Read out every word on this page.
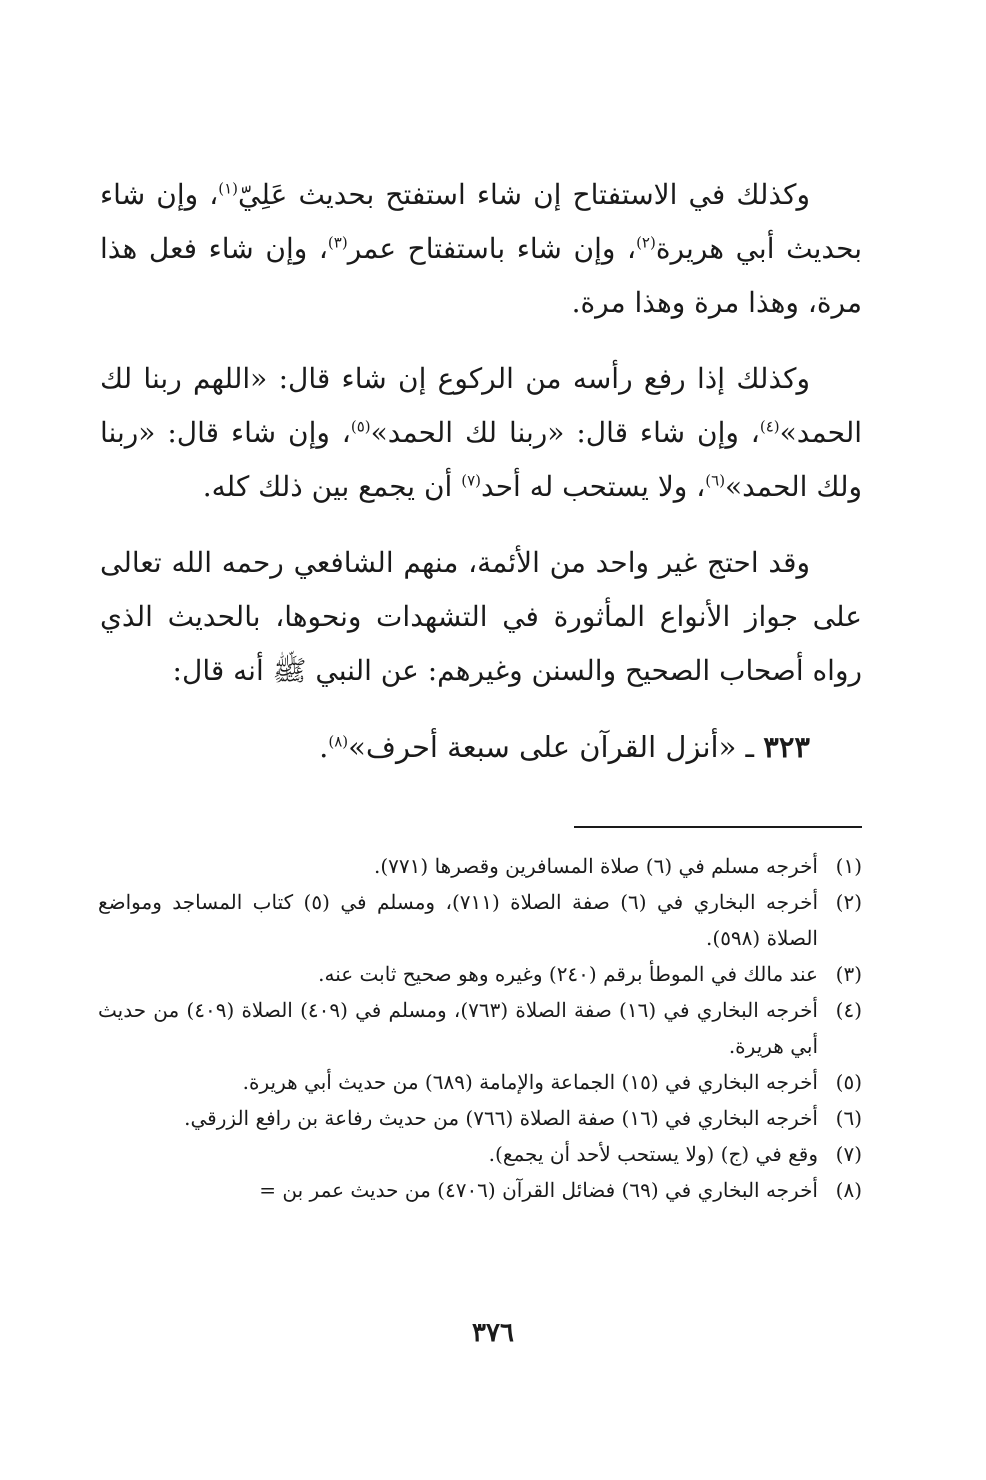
وكذلك في الاستفتاح إن شاء استفتح بحديث عَلِيّ$^{(١)}$، وإن شاء بحديث أبي هريرة$^{(٢)}$، وإن شاء باستفتاح عمر$^{(٣)}$، وإن شاء فعل هذا مرة، وهذا مرة وهذا مرة.

وكذلك إذا رفع رأسه من الركوع إن شاء قال: «اللهم ربنا لك الحمد»$^{(٤)}$، وإن شاء قال: «ربنا لك الحمد»$^{(٥)}$، وإن شاء قال: «ربنا ولك الحمد»$^{(٦)}$، ولا يستحب له أحد$^{(٧)}$ أن يجمع بين ذلك كله.

وقد احتج غير واحد من الأئمة، منهم الشافعي رحمه الله تعالى على جواز الأنواع المأثورة في التشهدات ونحوها، بالحديث الذي رواه أصحاب الصحيح والسنن وغيرهم: عن النبي ﷺ أنه قال:

٣٢٣ ـ «أنزل القرآن على سبعة أحرف»$^{(٨)}$.

(١)
أخرجه مسلم في (٦) صلاة المسافرين وقصرها (٧٧١).
(٢)
أخرجه البخاري في (٦) صفة الصلاة (٧١١)، ومسلم في (٥) كتاب المساجد ومواضع الصلاة (٥٩٨).
(٣)
عند مالك في الموطأ برقم (٢٤٠) وغيره وهو صحيح ثابت عنه.
(٤)
أخرجه البخاري في (١٦) صفة الصلاة (٧٦٣)، ومسلم في (٤٠٩) الصلاة (٤٠٩) من حديث أبي هريرة.
(٥)
أخرجه البخاري في (١٥) الجماعة والإمامة (٦٨٩) من حديث أبي هريرة.
(٦)
أخرجه البخاري في (١٦) صفة الصلاة (٧٦٦) من حديث رفاعة بن رافع الزرقي.
(٧)
وقع في (ج) (ولا يستحب لأحد أن يجمع).
(٨)
أخرجه البخاري في (٦٩) فضائل القرآن (٤٧٠٦) من حديث عمر بن =
٣٧٦
